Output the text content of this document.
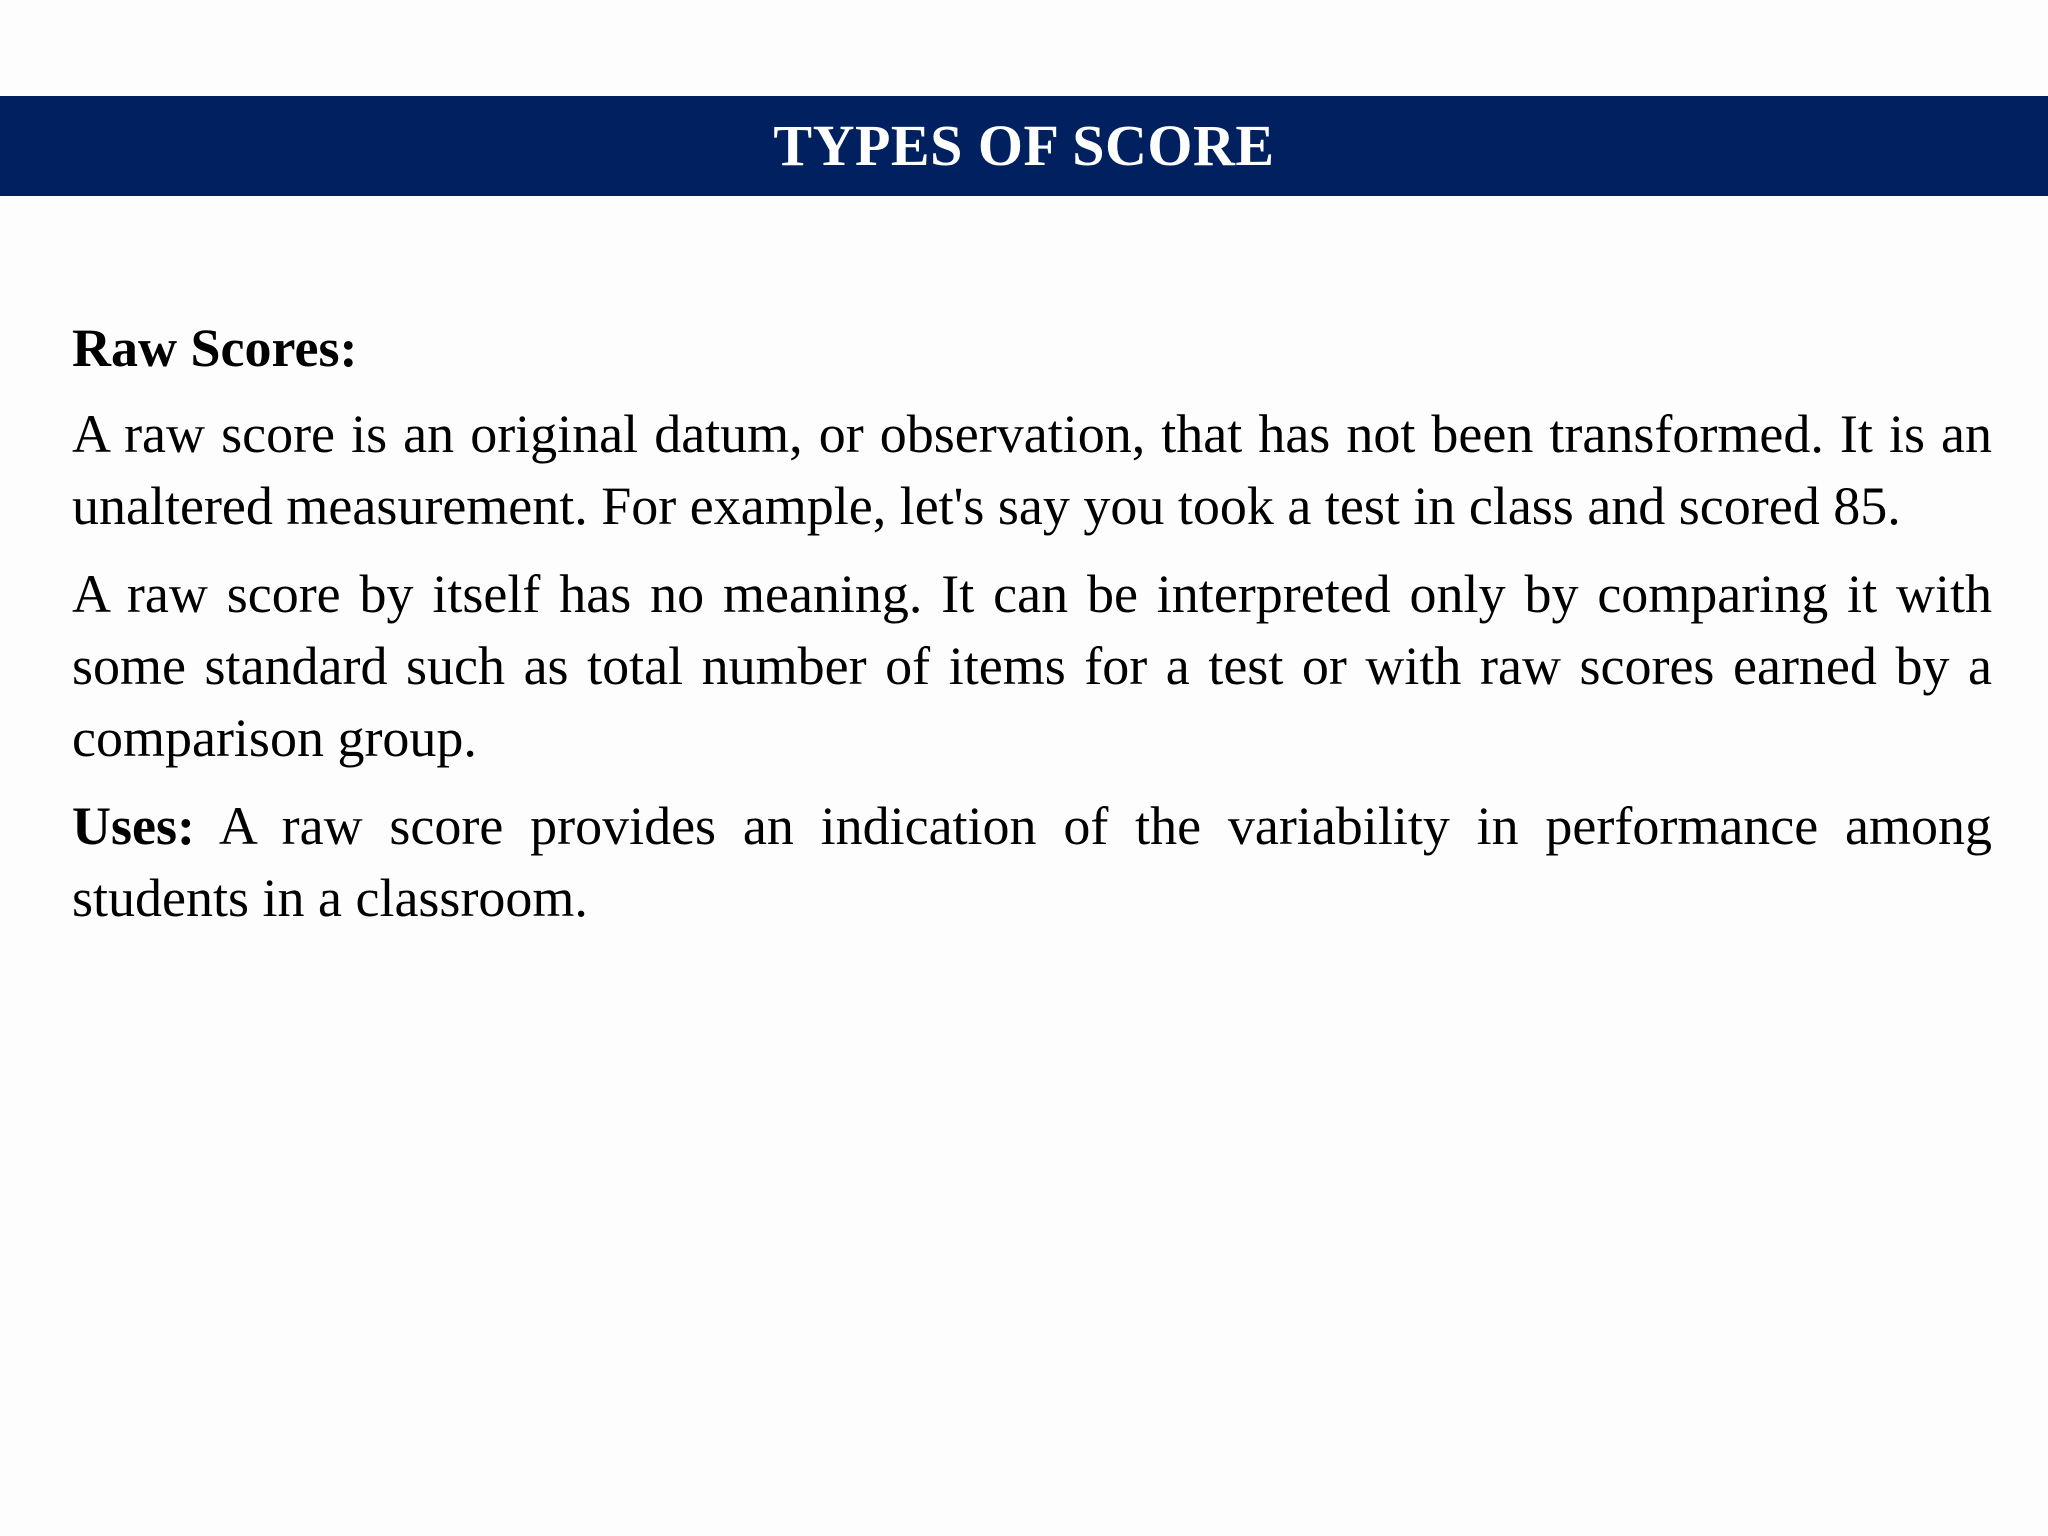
TYPES OF SCORE

Raw Scores:

A raw score is an original datum, or observation, that has not been transformed. It is an unaltered measurement. For example, let's say you took a test in class and scored 85.

A raw score by itself has no meaning. It can be interpreted only by comparing it with some standard such as total number of items for a test or with raw scores earned by a comparison group.

Uses: A raw score provides an indication of the variability in performance among students in a classroom.
